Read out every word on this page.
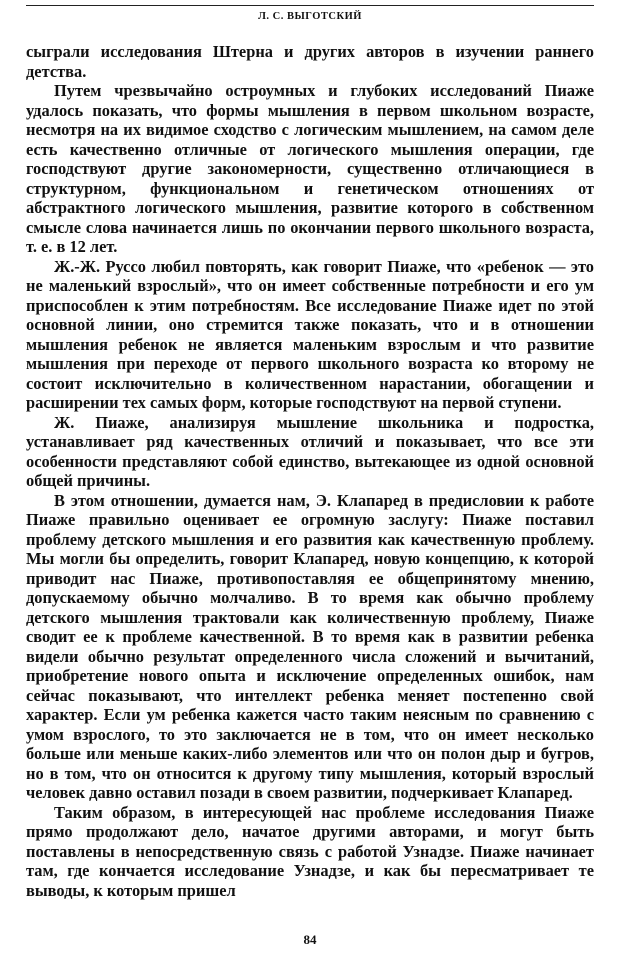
Л. С. ВЫГОТСКИЙ

сыграли исследования Штерна и других авторов в изучении раннего детства.

Путем чрезвычайно остроумных и глубоких исследований Пиаже удалось показать, что формы мышления в первом школьном возрасте, несмотря на их видимое сходство с логическим мышлением, на самом деле есть качественно отличные от логического мышления операции, где господствуют другие закономерности, существенно отличающиеся в структурном, функциональном и генетическом отношениях от абстрактного логического мышления, развитие которого в собственном смысле слова начинается лишь по окончании первого школьного возраста, т. е. в 12 лет.

Ж.-Ж. Руссо любил повторять, как говорит Пиаже, что «ребенок — это не маленький взрослый», что он имеет собственные потребности и его ум приспособлен к этим потребностям. Все исследование Пиаже идет по этой основной линии, оно стремится также показать, что и в отношении мышления ребенок не является маленьким взрослым и что развитие мышления при переходе от первого школьного возраста ко второму не состоит исключительно в количественном нарастании, обогащении и расширении тех самых форм, которые господствуют на первой ступени.

Ж. Пиаже, анализируя мышление школьника и подростка, устанавливает ряд качественных отличий и показывает, что все эти особенности представляют собой единство, вытекающее из одной основной общей причины.

В этом отношении, думается нам, Э. Клапаред в предисловии к работе Пиаже правильно оценивает ее огромную заслугу: Пиаже поставил проблему детского мышления и его развития как качественную проблему. Мы могли бы определить, говорит Клапаред, новую концепцию, к которой приводит нас Пиаже, противопоставляя ее общепринятому мнению, допускаемому обычно молчаливо. В то время как обычно проблему детского мышления трактовали как количественную проблему, Пиаже сводит ее к проблеме качественной. В то время как в развитии ребенка видели обычно результат определенного числа сложений и вычитаний, приобретение нового опыта и исключение определенных ошибок, нам сейчас показывают, что интеллект ребенка меняет постепенно свой характер. Если ум ребенка кажется часто таким неясным по сравнению с умом взрослого, то это заключается не в том, что он имеет несколько больше или меньше каких-либо элементов или что он полон дыр и бугров, но в том, что он относится к другому типу мышления, который взрослый человек давно оставил позади в своем развитии, подчеркивает Клапаред.

Таким образом, в интересующей нас проблеме исследования Пиаже прямо продолжают дело, начатое другими авторами, и могут быть поставлены в непосредственную связь с работой Узнадзе. Пиаже начинает там, где кончается исследование Узнадзе, и как бы пересматривает те выводы, к которым пришел

84
